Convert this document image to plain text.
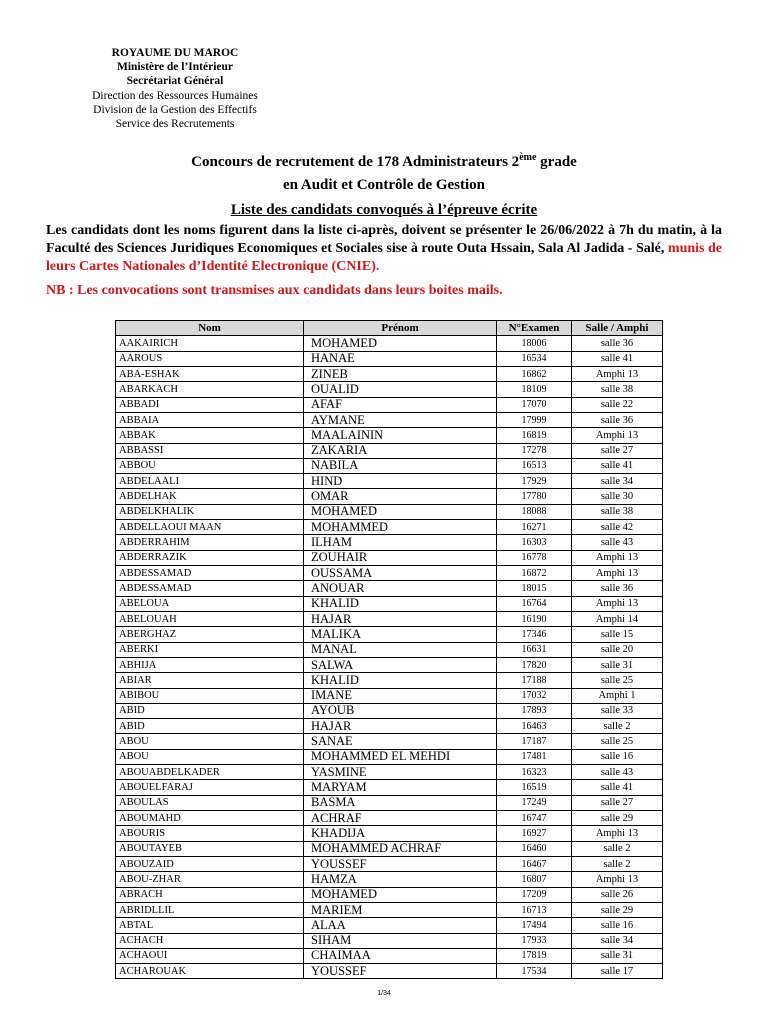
ROYAUME DU MAROC
Ministère de l’Intérieur
Secrétariat Général
Direction des Ressources Humaines
Division de la Gestion des Effectifs
Service des Recrutements
Concours de recrutement de 178 Administrateurs 2ème grade
en Audit et Contrôle de Gestion
Liste des candidats convoqués à l’épreuve écrite
Les candidats dont les noms figurent dans la liste ci-après, doivent se présenter le 26/06/2022 à 7h du matin, à la Faculté des Sciences Juridiques Economiques et Sociales sise à route Outa Hssain, Sala Al Jadida - Salé, munis de leurs Cartes Nationales d’Identité Electronique (CNIE).
NB : Les convocations sont transmises aux candidats dans leurs boites mails.
Nom	Prénom	N°Examen	Salle / Amphi
AAKAIRICH	MOHAMED	18006	salle 36
AAROUS	HANAE	16534	salle 41
ABA-ESHAK	ZINEB	16862	Amphi 13
ABARKACH	OUALID	18109	salle 38
ABBADI	AFAF	17070	salle 22
ABBAIA	AYMANE	17999	salle 36
ABBAK	MAALAININ	16819	Amphi 13
ABBASSI	ZAKARIA	17278	salle 27
ABBOU	NABILA	16513	salle 41
ABDELAALI	HIND	17929	salle 34
ABDELHAK	OMAR	17780	salle 30
ABDELKHALIK	MOHAMED	18088	salle 38
ABDELLAOUI MAAN	MOHAMMED	16271	salle 42
ABDERRAHIM	ILHAM	16303	salle 43
ABDERRAZIK	ZOUHAIR	16778	Amphi 13
ABDESSAMAD	OUSSAMA	16872	Amphi 13
ABDESSAMAD	ANOUAR	18015	salle 36
ABELOUA	KHALID	16764	Amphi 13
ABELOUAH	HAJAR	16190	Amphi 14
ABERGHAZ	MALIKA	17346	salle 15
ABERKI	MANAL	16631	salle 20
ABHIJA	SALWA	17820	salle 31
ABIAR	KHALID	17188	salle 25
ABIBOU	IMANE	17032	Amphi 1
ABID	AYOUB	17893	salle 33
ABID	HAJAR	16463	salle 2
ABOU	SANAE	17187	salle 25
ABOU	MOHAMMED EL MEHDI	17481	salle 16
ABOUABDELKADER	YASMINE	16323	salle 43
ABOUELFARAJ	MARYAM	16519	salle 41
ABOULAS	BASMA	17249	salle 27
ABOUMAHD	ACHRAF	16747	salle 29
ABOURIS	KHADIJA	16927	Amphi 13
ABOUTAYEB	MOHAMMED ACHRAF	16460	salle 2
ABOUZAID	YOUSSEF	16467	salle 2
ABOU-ZHAR	HAMZA	16807	Amphi 13
ABRACH	MOHAMED	17209	salle 26
ABRIDLLIL	MARIEM	16713	salle 29
ABTAL	ALAA	17494	salle 16
ACHACH	SIHAM	17933	salle 34
ACHAOUI	CHAIMAA	17819	salle 31
ACHAROUAK	YOUSSEF	17534	salle 17
1/34
